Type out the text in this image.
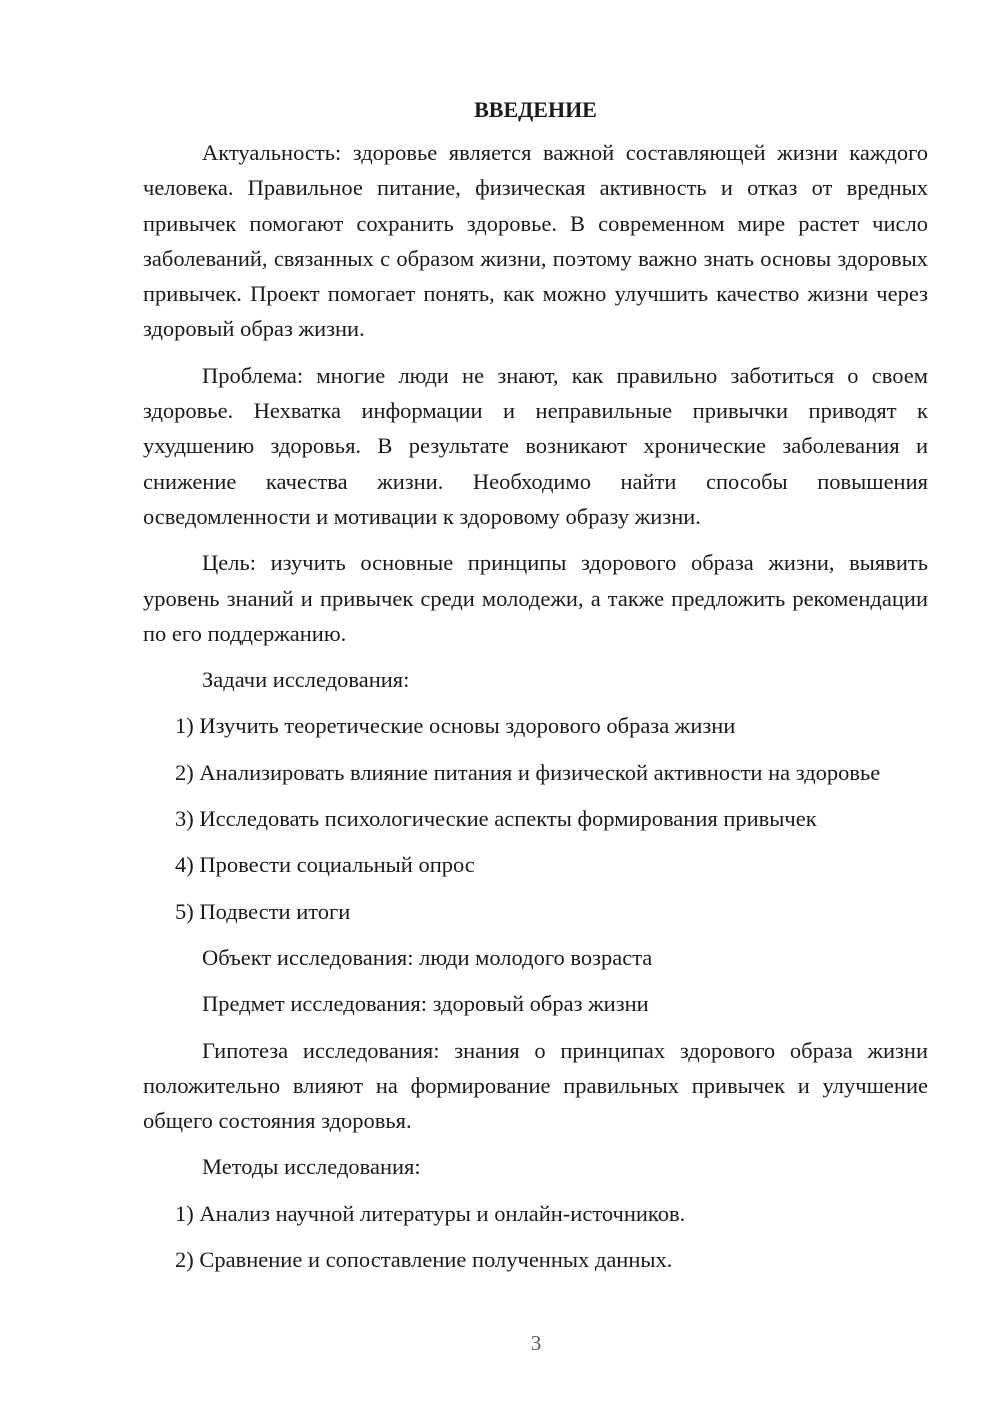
ВВЕДЕНИЕ

Актуальность: здоровье является важной составляющей жизни каждого человека. Правильное питание, физическая активность и отказ от вредных привычек помогают сохранить здоровье. В современном мире растет число заболеваний, связанных с образом жизни, поэтому важно знать основы здоровых привычек. Проект помогает понять, как можно улучшить качество жизни через здоровый образ жизни.

Проблема: многие люди не знают, как правильно заботиться о своем здоровье. Нехватка информации и неправильные привычки приводят к ухудшению здоровья. В результате возникают хронические заболевания и снижение качества жизни. Необходимо найти способы повышения осведомленности и мотивации к здоровому образу жизни.

Цель: изучить основные принципы здорового образа жизни, выявить уровень знаний и привычек среди молодежи, а также предложить рекомендации по его поддержанию.

Задачи исследования:

1) Изучить теоретические основы здорового образа жизни

2) Анализировать влияние питания и физической активности на здоровье

3) Исследовать психологические аспекты формирования привычек

4) Провести социальный опрос

5) Подвести итоги

Объект исследования: люди молодого возраста

Предмет исследования: здоровый образ жизни

Гипотеза исследования: знания о принципах здорового образа жизни положительно влияют на формирование правильных привычек и улучшение общего состояния здоровья.

Методы исследования:

1) Анализ научной литературы и онлайн-источников.

2) Сравнение и сопоставление полученных данных.

3
